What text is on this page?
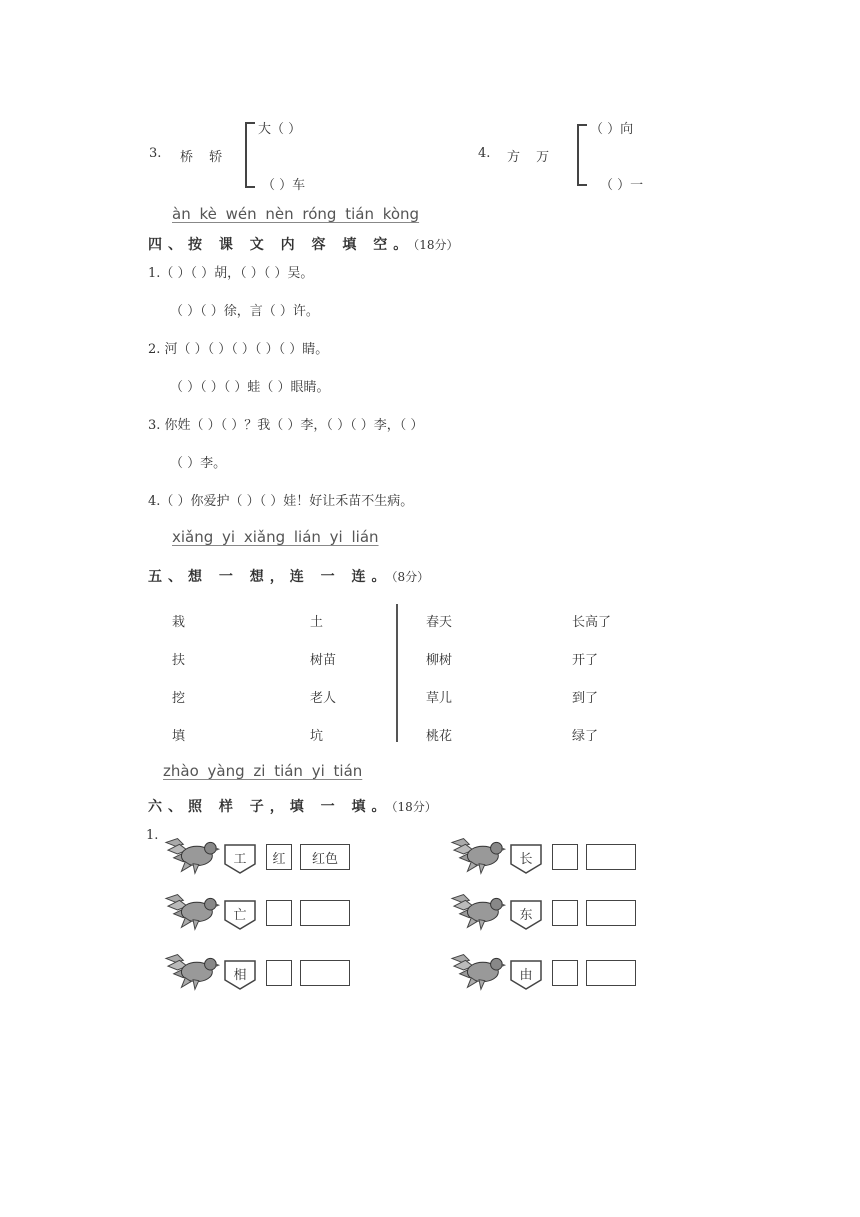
3. 桥 轿
大（ ）
（ ）车
4. 方 万
（ ）向
（ ）一
àn kè wén nèn róng tián kòng
四、按 课 文 内 容 填 空。（18分）
1.（ ）（ ）胡，（ ）（ ）吴。
（ ）（ ）徐，言（ ）许。
2. 河（ ）（ ）（ ）（ ）（ ）睛。
（ ）（ ）（ ）蛙（ ）眼睛。
3. 你姓（ ）（ ）？我（ ）李，（ ）（ ）李，（ ）
（ ）李。
4.（ ）你爱护（ ）（ ）娃！好让禾苗不生病。
xiǎng yi xiǎng lián yi lián
五、想 一 想，连 一 连。（8分）
栽
扶
挖
填
土
树苗
老人
坑
春天
柳树
草儿
桃花
长高了
开了
到了
绿了
zhào yàng zi tián yi tián
六、照 样 子，填 一 填。（18分）
1.
工	红	红色
亡
相
长
东
由
